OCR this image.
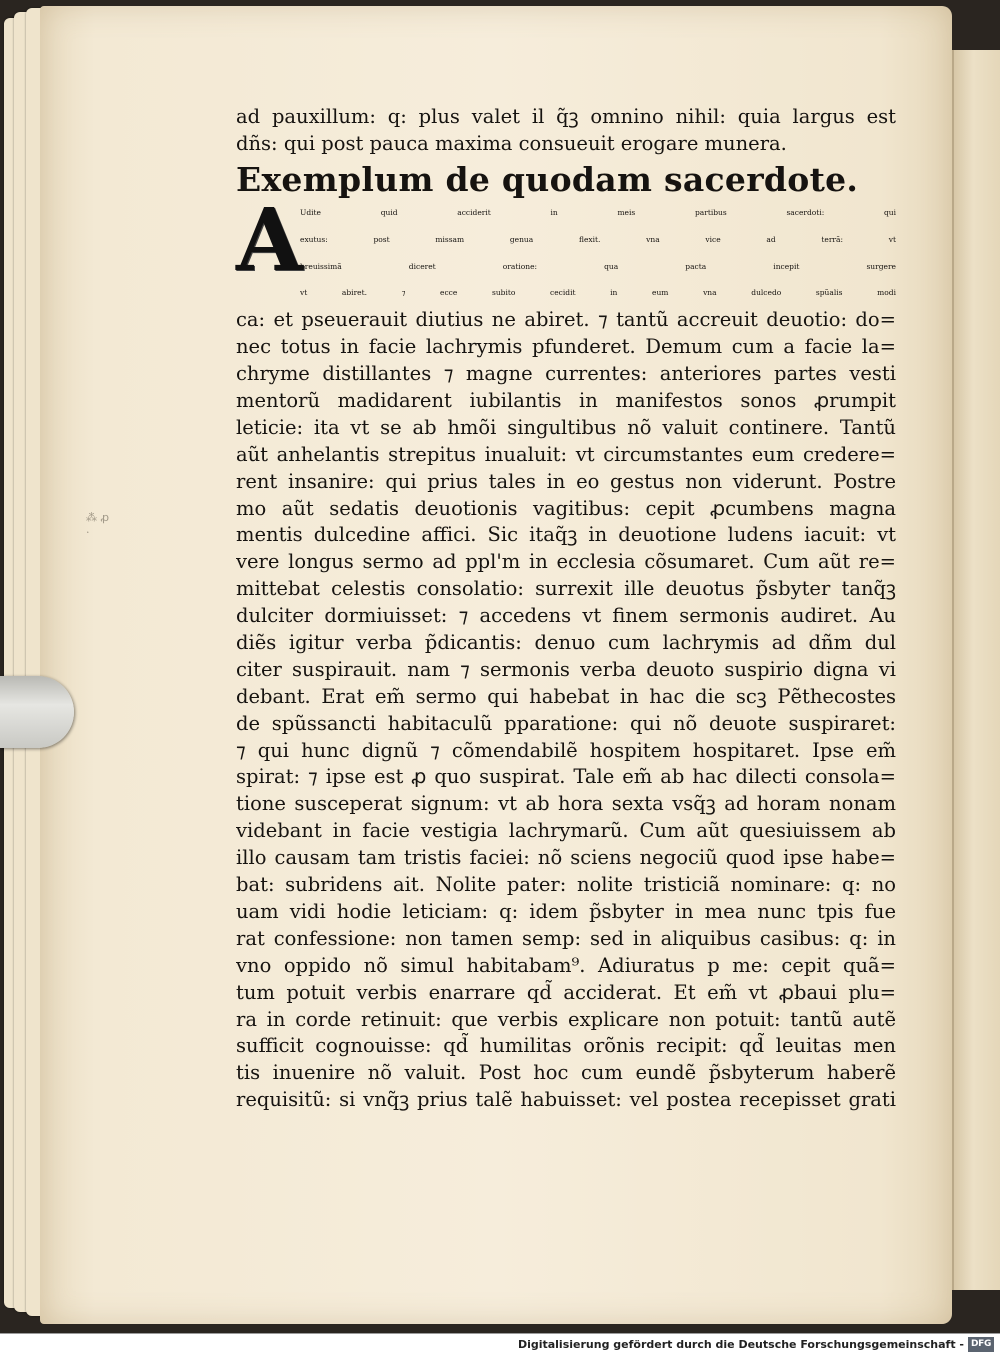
⁂ ꝓ .
ad pauxillum: q: plus valet il q̃ꝫ omnino nihil: quia largus est
dñs: qui post pauca maxima consueuit erogare munera.
Exemplum de quodam sacerdote.
A
Udite quid acciderit in meis partibus sacerdoti: qui
exutus: post missam genua flexit. vna vice ad terrã: vt
breuissimã diceret oratione: qua pacta incepit surgere
vt abiret. ⁊ ecce subito cecidit in eum vna dulcedo spũalis modi
ca: et pseuerauit diutius ne abiret. ⁊ tantũ accreuit deuotio: do=
nec totus in facie lachrymis pfunderet. Demum cum a facie la=
chryme distillantes ⁊ magne currentes: anteriores partes vesti
mentorũ madidarent iubilantis in manifestos sonos ꝓrumpit
leticie: ita vt se ab hmõi singultibus nõ valuit continere. Tantũ
aũt anhelantis strepitus inualuit: vt circumstantes eum credere=
rent insanire: qui prius tales in eo gestus non viderunt. Postre
mo aũt sedatis deuotionis vagitibus: cepit ꝓcumbens magna
mentis dulcedine affici. Sic itaq̃ꝫ in deuotione ludens iacuit: vt
vere longus sermo ad ppl'm in ecclesia cõsumaret. Cum aũt re=
mittebat celestis consolatio: surrexit ille deuotus p̃sbyter tanq̃ꝫ
dulciter dormiuisset: ⁊ accedens vt finem sermonis audiret. Au
diẽs igitur verba p̃dicantis: denuo cum lachrymis ad dñm dul
citer suspirauit. nam ⁊ sermonis verba deuoto suspirio digna vi
debant. Erat em̃ sermo qui habebat in hac die scꝫ Pẽthecostes
de spũssancti habitaculũ pparatione: qui nõ deuote suspiraret:
⁊ qui hunc dignũ ⁊ cõmendabilẽ hospitem hospitaret. Ipse em̃
spirat: ⁊ ipse est ꝓ quo suspirat. Tale em̃ ab hac dilecti consola=
tione susceperat signum: vt ab hora sexta vsq̃ꝫ ad horam nonam
videbant in facie vestigia lachrymarũ. Cum aũt quesiuissem ab
illo causam tam tristis faciei: nõ sciens negociũ quod ipse habe=
bat: subridens ait. Nolite pater: nolite tristiciã nominare: q: no
uam vidi hodie leticiam: q: idem p̃sbyter in mea nunc tpis fue
rat confessione: non tamen semp: sed in aliquibus casibus: q: in
vno oppido nõ simul habitabam⁹. Adiuratus p me: cepit quã=
tum potuit verbis enarrare qd̃ acciderat. Et em̃ vt ꝓbaui plu=
ra in corde retinuit: que verbis explicare non potuit: tantũ autẽ
sufficit cognouisse: qd̃ humilitas orõnis recipit: qd̃ leuitas men
tis inuenire nõ valuit. Post hoc cum eundẽ p̃sbyterum haberẽ
requisitũ: si vnq̃ꝫ prius talẽ habuisset: vel postea recepisset grati
Digitalisierung gefördert durch die Deutsche Forschungsgemeinschaft - DFG
